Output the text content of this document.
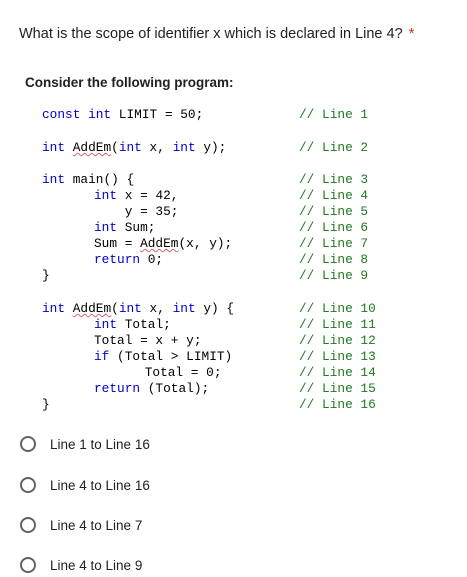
What is the scope of identifier x which is declared in Line 4? *
Consider the following program:
const int LIMIT = 50;
int AddEm(int x, int y);
int main() {
int x = 42,
y = 35;
int Sum;
Sum = AddEm(x, y);
return 0;
}
int AddEm(int x, int y) {
int Total;
Total = x + y;
if (Total > LIMIT)
Total = 0;
return (Total);
}
// Line 1
// Line 2
// Line 3
// Line 4
// Line 5
// Line 6
// Line 7
// Line 8
// Line 9
// Line 10
// Line 11
// Line 12
// Line 13
// Line 14
// Line 15
// Line 16
Line 1 to Line 16
Line 4 to Line 16
Line 4 to Line 7
Line 4 to Line 9
